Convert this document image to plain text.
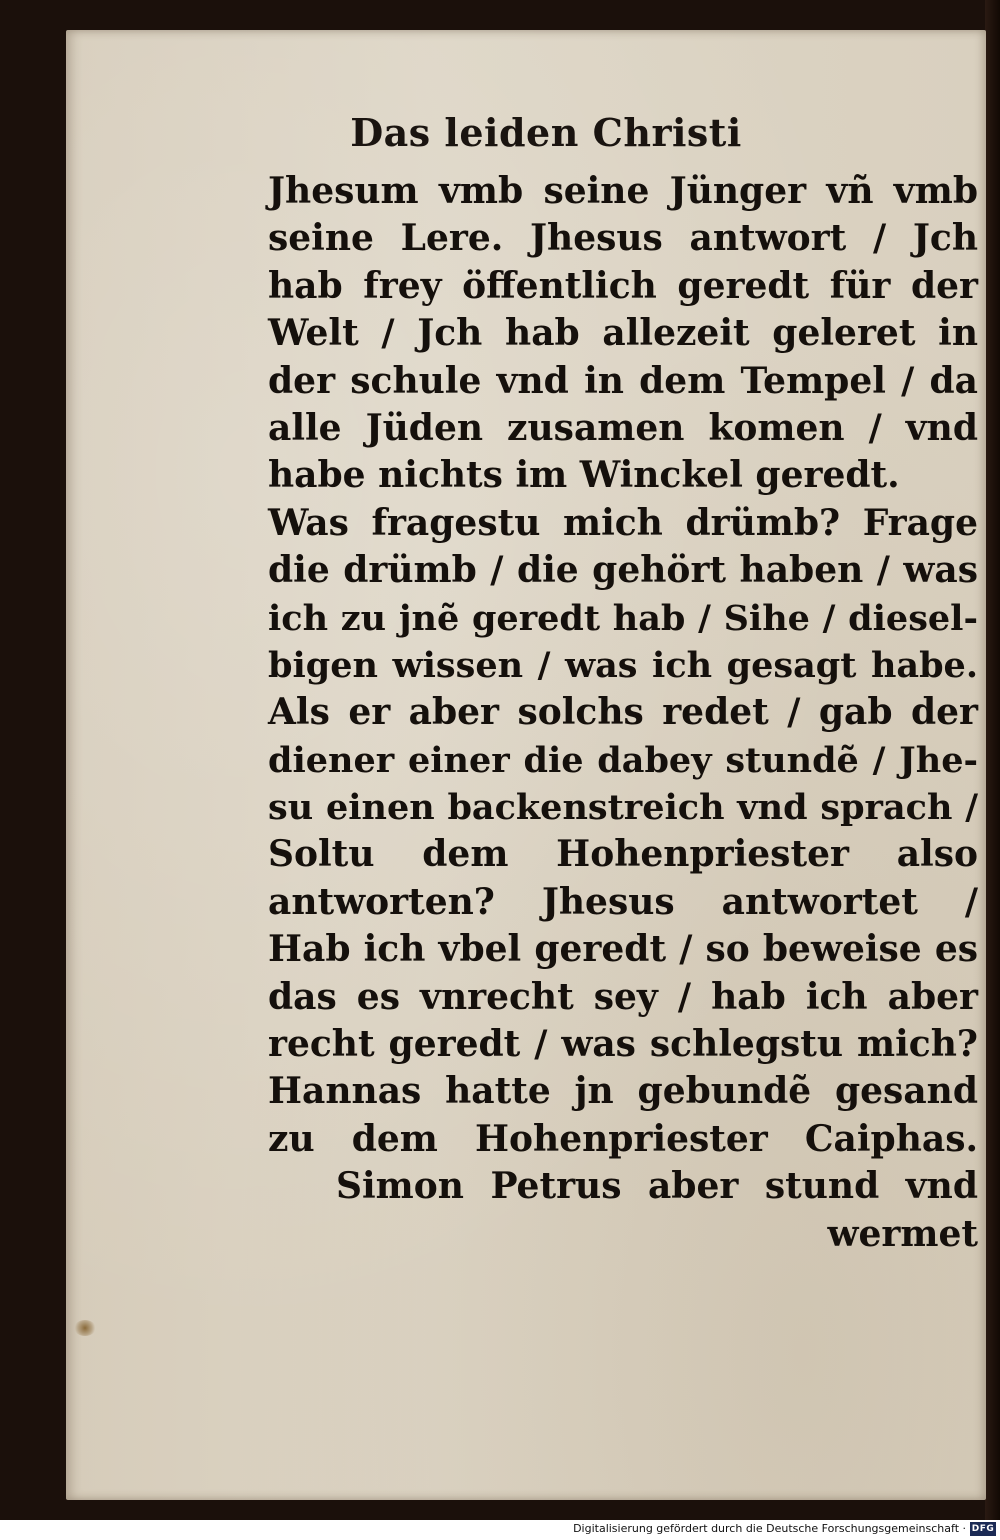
Das leiden Christi
Jhesum vmb seine Jünger vñ vmb
seine Lere. Jhesus antwort / Jch
hab frey öffentlich geredt für der
Welt / Jch hab allezeit geleret in
der schule vnd in dem Tempel / da
alle Jüden zusamen komen / vnd
habe nichts im Winckel geredt.
Was fragestu mich drümb? Frage
die drümb / die gehört haben / was
ich zu jnẽ geredt hab / Sihe / diesel-
bigen wissen / was ich gesagt habe.
Als er aber solchs redet / gab der
diener einer die dabey stundẽ / Jhe-
su einen backenstreich vnd sprach /
Soltu dem Hohenpriester also
antworten? Jhesus antwortet /
Hab ich vbel geredt / so beweise es
das es vnrecht sey / hab ich aber
recht geredt / was schlegstu mich?
Hannas hatte jn gebundẽ gesand
zu dem Hohenpriester Caiphas.
Simon Petrus aber stund vnd
wermet
Digitalisierung gefördert durch die Deutsche Forschungsgemeinschaft · DFG
